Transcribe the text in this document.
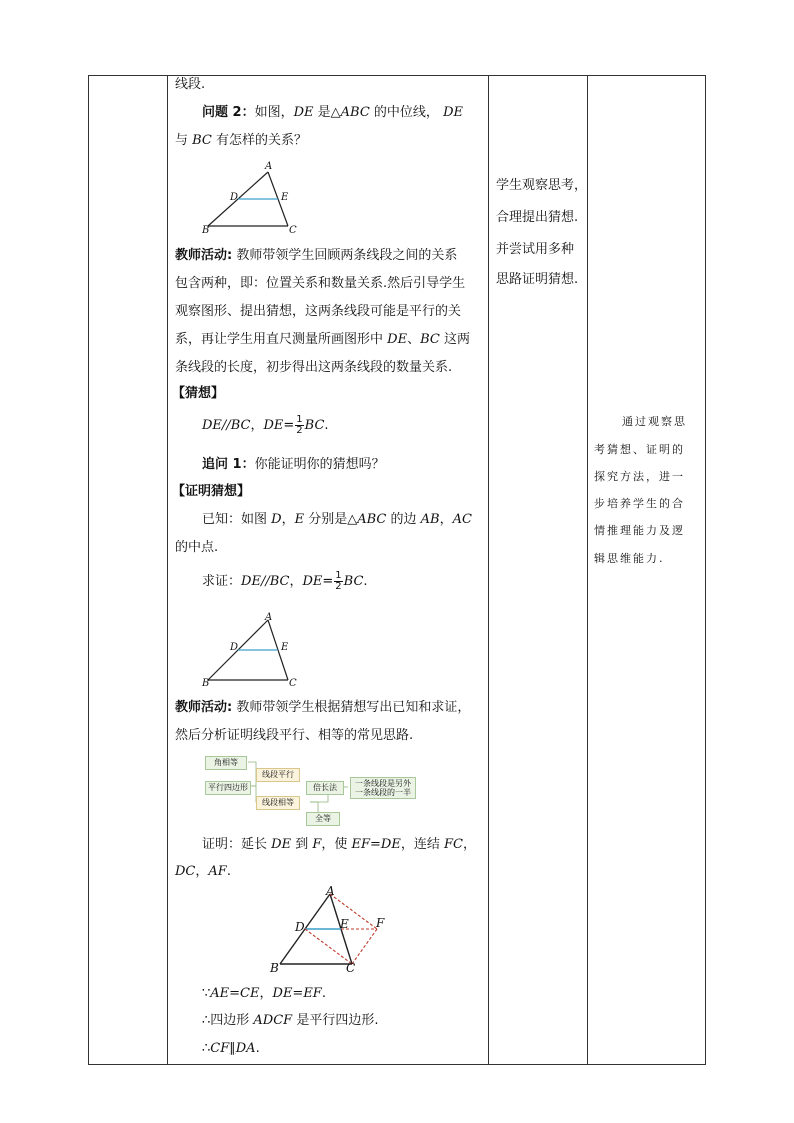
线段.
问题 2：如图，DE 是△ABC 的中位线， DE
与 BC 有怎样的关系？
A
D	E
B	C
教师活动: 教师带领学生回顾两条线段之间的关系
包含两种，即：位置关系和数量关系.然后引导学生
观察图形、提出猜想，这两条线段可能是平行的关
系，再让学生用直尺测量所画图形中 DE、BC 这两
条线段的长度，初步得出这两条线段的数量关系.
【猜想】
DE//BC，$DE= \frac{1}{2}$ BC.
追问 1：你能证明你的猜想吗？
【证明猜想】
已知：如图 D，E 分别是△ABC 的边 AB，AC
的中点.
求证：DE//BC，$DE= \frac{1}{2}$ BC.
A
D	E
B	C
教师活动: 教师带领学生根据猜想写出已知和求证，
然后分析证明线段平行、相等的常见思路.
角相等
线段平行
平行四边形	倍长法	一条线段是另外
一条线段的一半
线段相等
全等
证明：延长 DE 到 F，使 EF=DE，连结 FC，
DC，AF.
A
D	E F
B	C
∵AE=CE，DE=EF.
∴四边形 ADCF 是平行四边形.
∴CF∥DA.
学生观察思考，
合理提出猜想.
并尝试用多种
思路证明猜想.
通过观察思
考猜想、证明的
探究方法，进一
步培养学生的合
情推理能力及逻
辑思维能力.
